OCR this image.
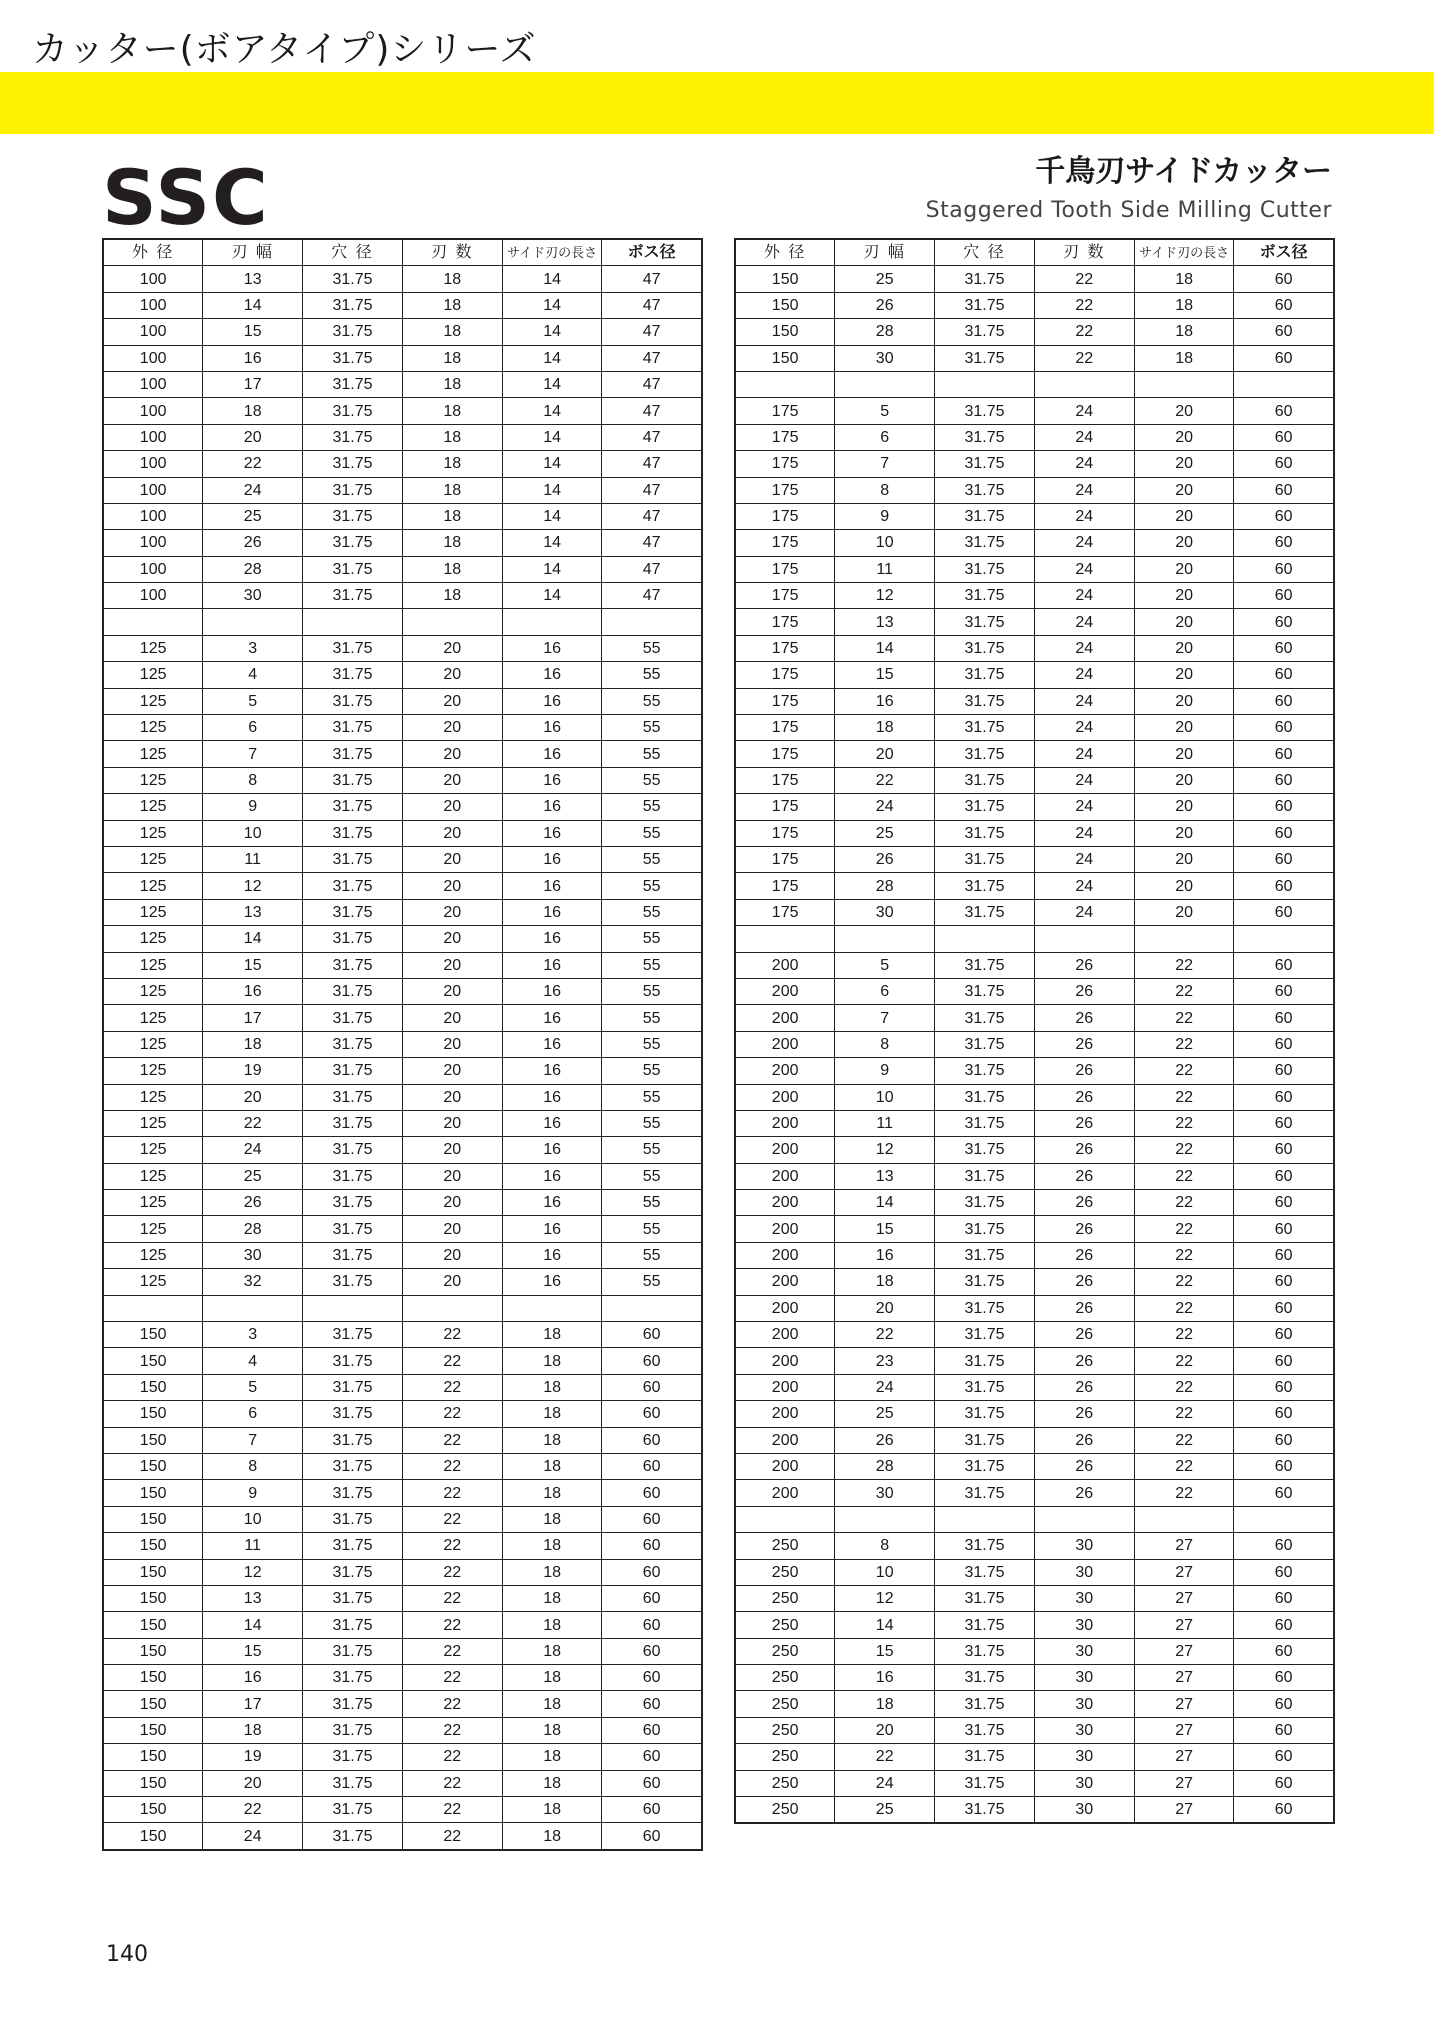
カッター(ボアタイプ)シリーズ
SSC	千鳥刃サイドカッター
Staggered Tooth Side Milling Cutter
外 径	刃 幅	穴 径	刃 数	サイド刃の長さ	ボス径
100	13	31.75	18	14	47
100	14	31.75	18	14	47
100	15	31.75	18	14	47
100	16	31.75	18	14	47
100	17	31.75	18	14	47
100	18	31.75	18	14	47
100	20	31.75	18	14	47
100	22	31.75	18	14	47
100	24	31.75	18	14	47
100	25	31.75	18	14	47
100	26	31.75	18	14	47
100	28	31.75	18	14	47
100	30	31.75	18	14	47

125	3	31.75	20	16	55
125	4	31.75	20	16	55
125	5	31.75	20	16	55
125	6	31.75	20	16	55
125	7	31.75	20	16	55
125	8	31.75	20	16	55
125	9	31.75	20	16	55
125	10	31.75	20	16	55
125	11	31.75	20	16	55
125	12	31.75	20	16	55
125	13	31.75	20	16	55
125	14	31.75	20	16	55
125	15	31.75	20	16	55
125	16	31.75	20	16	55
125	17	31.75	20	16	55
125	18	31.75	20	16	55
125	19	31.75	20	16	55
125	20	31.75	20	16	55
125	22	31.75	20	16	55
125	24	31.75	20	16	55
125	25	31.75	20	16	55
125	26	31.75	20	16	55
125	28	31.75	20	16	55
125	30	31.75	20	16	55
125	32	31.75	20	16	55

150	3	31.75	22	18	60
150	4	31.75	22	18	60
150	5	31.75	22	18	60
150	6	31.75	22	18	60
150	7	31.75	22	18	60
150	8	31.75	22	18	60
150	9	31.75	22	18	60
150	10	31.75	22	18	60
150	11	31.75	22	18	60
150	12	31.75	22	18	60
150	13	31.75	22	18	60
150	14	31.75	22	18	60
150	15	31.75	22	18	60
150	16	31.75	22	18	60
150	17	31.75	22	18	60
150	18	31.75	22	18	60
150	19	31.75	22	18	60
150	20	31.75	22	18	60
150	22	31.75	22	18	60
150	24	31.75	22	18	60
外 径	刃 幅	穴 径	刃 数	サイド刃の長さ	ボス径
150	25	31.75	22	18	60
150	26	31.75	22	18	60
150	28	31.75	22	18	60
150	30	31.75	22	18	60

175	5	31.75	24	20	60
175	6	31.75	24	20	60
175	7	31.75	24	20	60
175	8	31.75	24	20	60
175	9	31.75	24	20	60
175	10	31.75	24	20	60
175	11	31.75	24	20	60
175	12	31.75	24	20	60
175	13	31.75	24	20	60
175	14	31.75	24	20	60
175	15	31.75	24	20	60
175	16	31.75	24	20	60
175	18	31.75	24	20	60
175	20	31.75	24	20	60
175	22	31.75	24	20	60
175	24	31.75	24	20	60
175	25	31.75	24	20	60
175	26	31.75	24	20	60
175	28	31.75	24	20	60
175	30	31.75	24	20	60

200	5	31.75	26	22	60
200	6	31.75	26	22	60
200	7	31.75	26	22	60
200	8	31.75	26	22	60
200	9	31.75	26	22	60
200	10	31.75	26	22	60
200	11	31.75	26	22	60
200	12	31.75	26	22	60
200	13	31.75	26	22	60
200	14	31.75	26	22	60
200	15	31.75	26	22	60
200	16	31.75	26	22	60
200	18	31.75	26	22	60
200	20	31.75	26	22	60
200	22	31.75	26	22	60
200	23	31.75	26	22	60
200	24	31.75	26	22	60
200	25	31.75	26	22	60
200	26	31.75	26	22	60
200	28	31.75	26	22	60
200	30	31.75	26	22	60

250	8	31.75	30	27	60
250	10	31.75	30	27	60
250	12	31.75	30	27	60
250	14	31.75	30	27	60
250	15	31.75	30	27	60
250	16	31.75	30	27	60
250	18	31.75	30	27	60
250	20	31.75	30	27	60
250	22	31.75	30	27	60
250	24	31.75	30	27	60
250	25	31.75	30	27	60
140
